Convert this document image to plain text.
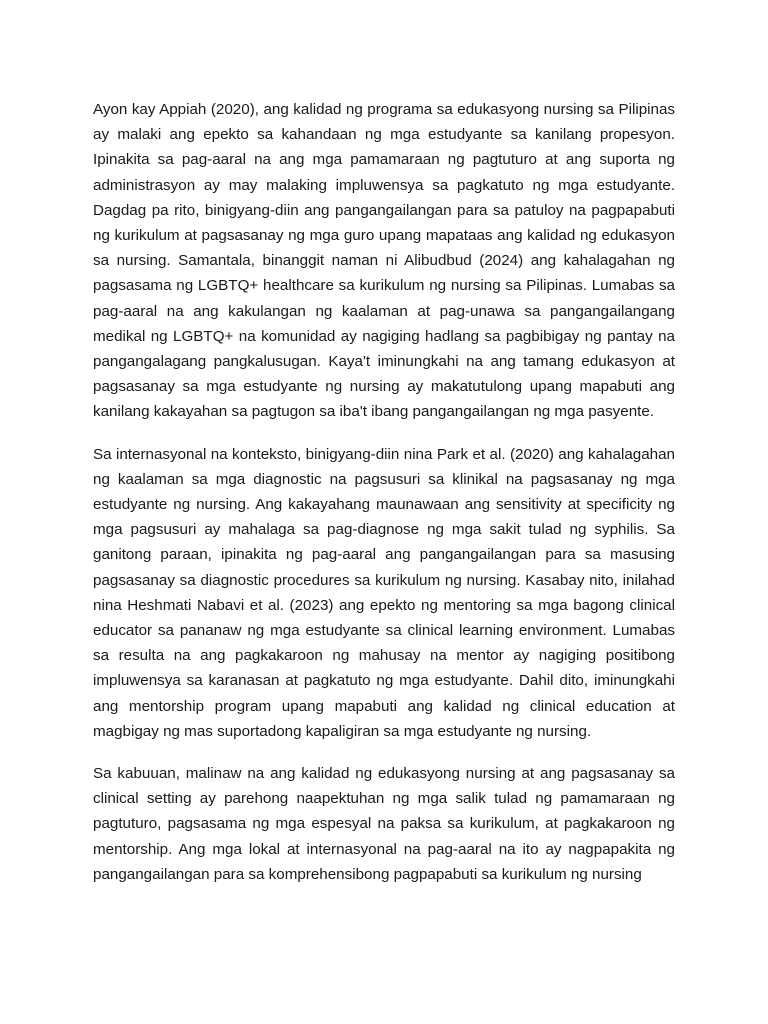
Ayon kay Appiah (2020), ang kalidad ng programa sa edukasyong nursing sa Pilipinas ay malaki ang epekto sa kahandaan ng mga estudyante sa kanilang propesyon. Ipinakita sa pag-aaral na ang mga pamamaraan ng pagtuturo at ang suporta ng administrasyon ay may malaking impluwensya sa pagkatuto ng mga estudyante. Dagdag pa rito, binigyang-diin ang pangangailangan para sa patuloy na pagpapabuti ng kurikulum at pagsasanay ng mga guro upang mapataas ang kalidad ng edukasyon sa nursing. Samantala, binanggit naman ni Alibudbud (2024) ang kahalagahan ng pagsasama ng LGBTQ+ healthcare sa kurikulum ng nursing sa Pilipinas. Lumabas sa pag-aaral na ang kakulangan ng kaalaman at pag-unawa sa pangangailangang medikal ng LGBTQ+ na komunidad ay nagiging hadlang sa pagbibigay ng pantay na pangangalagang pangkalusugan. Kaya't iminungkahi na ang tamang edukasyon at pagsasanay sa mga estudyante ng nursing ay makatutulong upang mapabuti ang kanilang kakayahan sa pagtugon sa iba't ibang pangangailangan ng mga pasyente.

Sa internasyonal na konteksto, binigyang-diin nina Park et al. (2020) ang kahalagahan ng kaalaman sa mga diagnostic na pagsusuri sa klinikal na pagsasanay ng mga estudyante ng nursing. Ang kakayahang maunawaan ang sensitivity at specificity ng mga pagsusuri ay mahalaga sa pag-diagnose ng mga sakit tulad ng syphilis. Sa ganitong paraan, ipinakita ng pag-aaral ang pangangailangan para sa masusing pagsasanay sa diagnostic procedures sa kurikulum ng nursing. Kasabay nito, inilahad nina Heshmati Nabavi et al. (2023) ang epekto ng mentoring sa mga bagong clinical educator sa pananaw ng mga estudyante sa clinical learning environment. Lumabas sa resulta na ang pagkakaroon ng mahusay na mentor ay nagiging positibong impluwensya sa karanasan at pagkatuto ng mga estudyante. Dahil dito, iminungkahi ang mentorship program upang mapabuti ang kalidad ng clinical education at magbigay ng mas suportadong kapaligiran sa mga estudyante ng nursing.

Sa kabuuan, malinaw na ang kalidad ng edukasyong nursing at ang pagsasanay sa clinical setting ay parehong naapektuhan ng mga salik tulad ng pamamaraan ng pagtuturo, pagsasama ng mga espesyal na paksa sa kurikulum, at pagkakaroon ng mentorship. Ang mga lokal at internasyonal na pag-aaral na ito ay nagpapakita ng pangangailangan para sa komprehensibong pagpapabuti sa kurikulum ng nursing
